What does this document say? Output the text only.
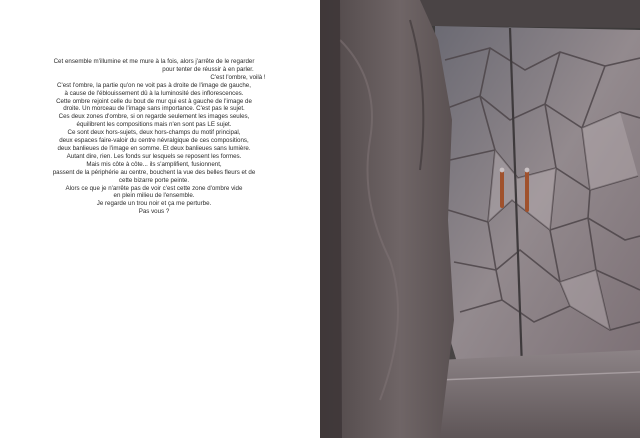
Cet ensemble m'illumine et me mure à la fois, alors j'arrête de le regarder
pour tenter de réussir à en parler.
C'est l'ombre, voilà !
C'est l'ombre, la partie qu'on ne voit pas à droite de l'image de gauche,
à cause de l'éblouissement dû à la luminosité des inflorescences.
Cette ombre rejoint celle du bout de mur qui est à gauche de l'image de
droite. Un morceau de l'image sans importance. C'est pas le sujet.
Ces deux zones d'ombre, si on regarde seulement les images seules,
équilibrent les compositions mais n'en sont pas LE sujet.
Ce sont deux hors-sujets, deux hors-champs du motif principal,
deux espaces faire-valoir du centre névralgique de ces compositions,
deux banlieues de l'image en somme. Et deux banlieues sans lumière.
Autant dire, rien. Les fonds sur lesquels se reposent les formes.
Mais mis côte à côte... ils s'amplifient, fusionnent,
passent de la périphérie au centre, bouchent la vue des belles fleurs et de
cette bizarre porte peinte.
Alors ce que je n'arrête pas de voir c'est cette zone d'ombre vide
en plein milieu de l'ensemble.
Je regarde un trou noir et ça me perturbe.
Pas vous ?
